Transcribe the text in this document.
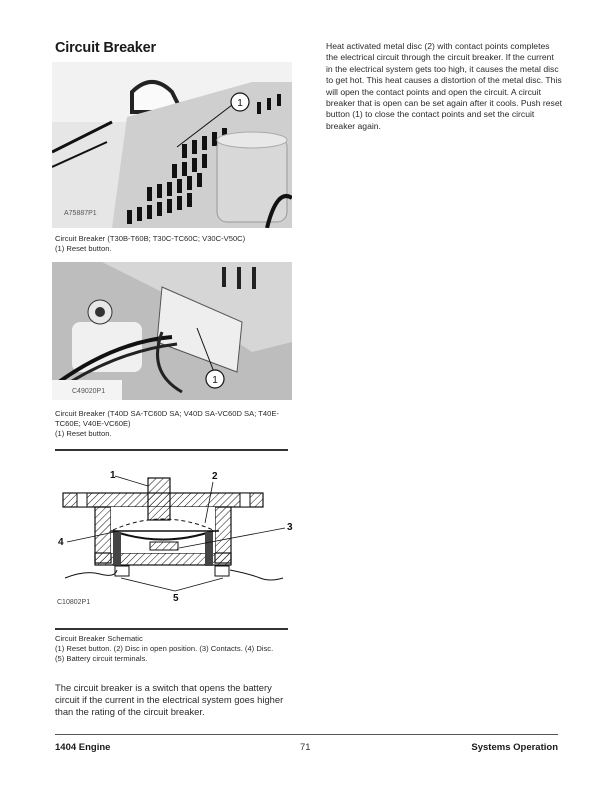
Circuit Breaker	Heat activated metal disc (2) with contact points completes the electrical circuit through the circuit breaker. If the current in the electrical system gets too high, it causes the metal disc to get hot. This heat causes a distortion of the metal disc. This will open the contact points and open the circuit. A circuit breaker that is open can be set again after it cools. Push reset button (1) to close the contact points and set the circuit breaker again.
1
A75887P1
Circuit Breaker (T30B-T60B; T30C-TC60C; V30C-V50C)
(1) Reset button.
1
C49020P1
Circuit Breaker (T40D SA-TC60D SA; V40D SA-VC60D SA; T40E-TC60E; V40E-VC60E)
(1) Reset button.
1	2
3
4
5
C10802P1
Circuit Breaker Schematic
(1) Reset button. (2) Disc in open position. (3) Contacts. (4) Disc.
(5) Battery circuit terminals.
The circuit breaker is a switch that opens the battery circuit if the current in the electrical system goes higher than the rating of the circuit breaker.
1404 Engine	71	Systems Operation
